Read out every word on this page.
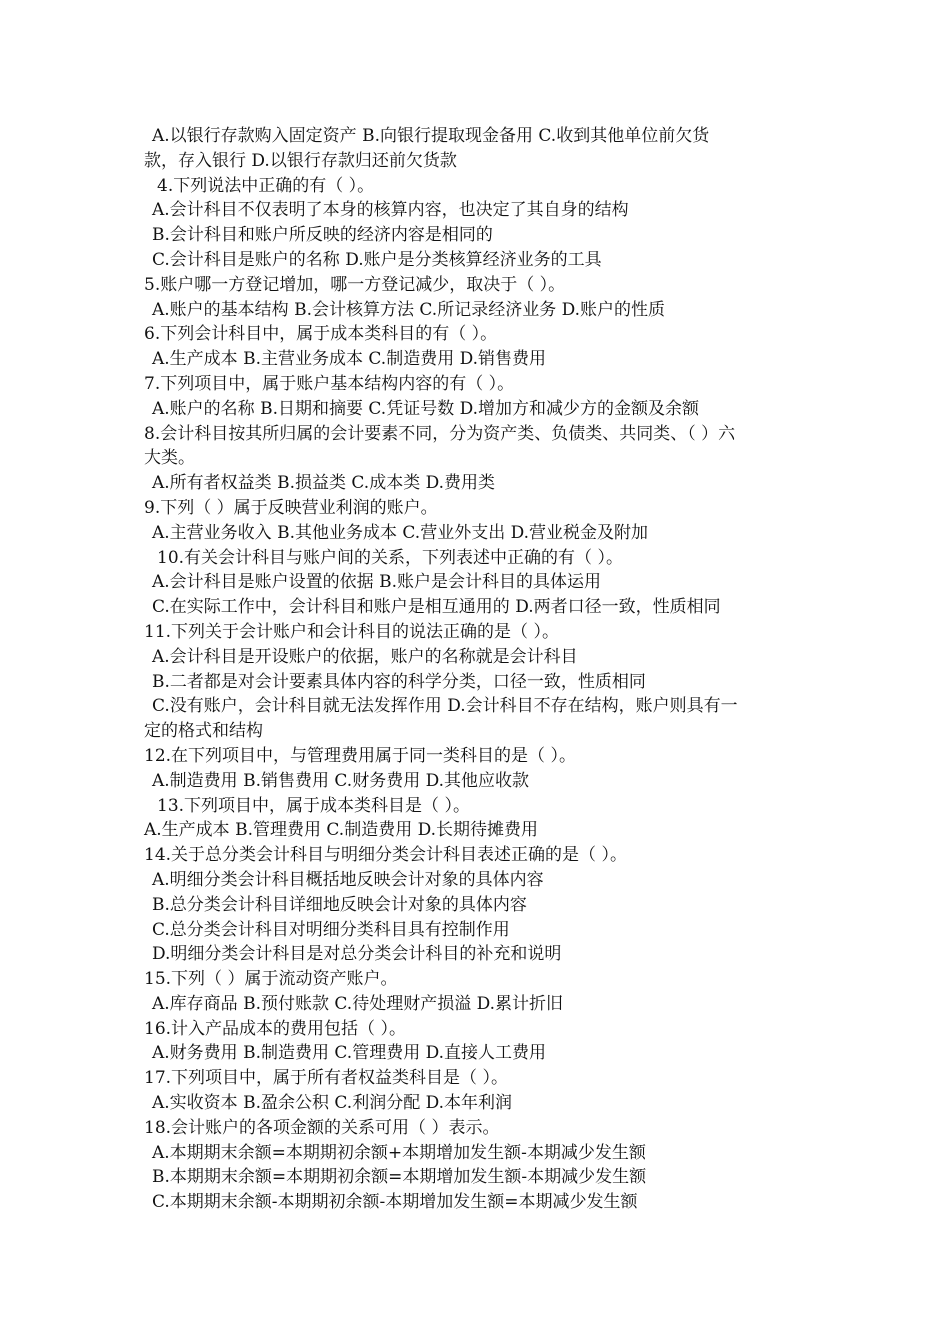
A.以银行存款购入固定资产 B.向银行提取现金备用 C.收到其他单位前欠货
款，存入银行 D.以银行存款归还前欠货款
4.下列说法中正确的有（ ）。
A.会计科目不仅表明了本身的核算内容，也决定了其自身的结构
B.会计科目和账户所反映的经济内容是相同的
C.会计科目是账户的名称 D.账户是分类核算经济业务的工具
5.账户哪一方登记增加，哪一方登记减少，取决于（ ）。
A.账户的基本结构 B.会计核算方法 C.所记录经济业务 D.账户的性质
6.下列会计科目中，属于成本类科目的有（ ）。
A.生产成本 B.主营业务成本 C.制造费用 D.销售费用
7.下列项目中，属于账户基本结构内容的有（ ）。
A.账户的名称 B.日期和摘要 C.凭证号数 D.增加方和减少方的金额及余额
8.会计科目按其所归属的会计要素不同，分为资产类、负债类、共同类、（ ）六
大类。
A.所有者权益类 B.损益类 C.成本类 D.费用类
9.下列（ ）属于反映营业利润的账户。
A.主营业务收入 B.其他业务成本 C.营业外支出 D.营业税金及附加
10.有关会计科目与账户间的关系，下列表述中正确的有（ ）。
A.会计科目是账户设置的依据 B.账户是会计科目的具体运用
C.在实际工作中，会计科目和账户是相互通用的 D.两者口径一致，性质相同
11.下列关于会计账户和会计科目的说法正确的是（ ）。
A.会计科目是开设账户的依据，账户的名称就是会计科目
B.二者都是对会计要素具体内容的科学分类，口径一致，性质相同
C.没有账户，会计科目就无法发挥作用 D.会计科目不存在结构，账户则具有一
定的格式和结构
12.在下列项目中，与管理费用属于同一类科目的是（ ）。
A.制造费用 B.销售费用 C.财务费用 D.其他应收款
13.下列项目中，属于成本类科目是（ ）。
A.生产成本 B.管理费用 C.制造费用 D.长期待摊费用
14.关于总分类会计科目与明细分类会计科目表述正确的是（ ）。
A.明细分类会计科目概括地反映会计对象的具体内容
B.总分类会计科目详细地反映会计对象的具体内容
C.总分类会计科目对明细分类科目具有控制作用
D.明细分类会计科目是对总分类会计科目的补充和说明
15.下列（ ）属于流动资产账户。
A.库存商品 B.预付账款 C.待处理财产损溢 D.累计折旧
16.计入产品成本的费用包括（ ）。
A.财务费用 B.制造费用 C.管理费用 D.直接人工费用
17.下列项目中，属于所有者权益类科目是（ ）。
A.实收资本 B.盈余公积 C.利润分配 D.本年利润
18.会计账户的各项金额的关系可用（ ）表示。
A.本期期末余额=本期期初余额+本期增加发生额-本期减少发生额
B.本期期末余额=本期期初余额=本期增加发生额-本期减少发生额
C.本期期末余额-本期期初余额-本期增加发生额=本期减少发生额
